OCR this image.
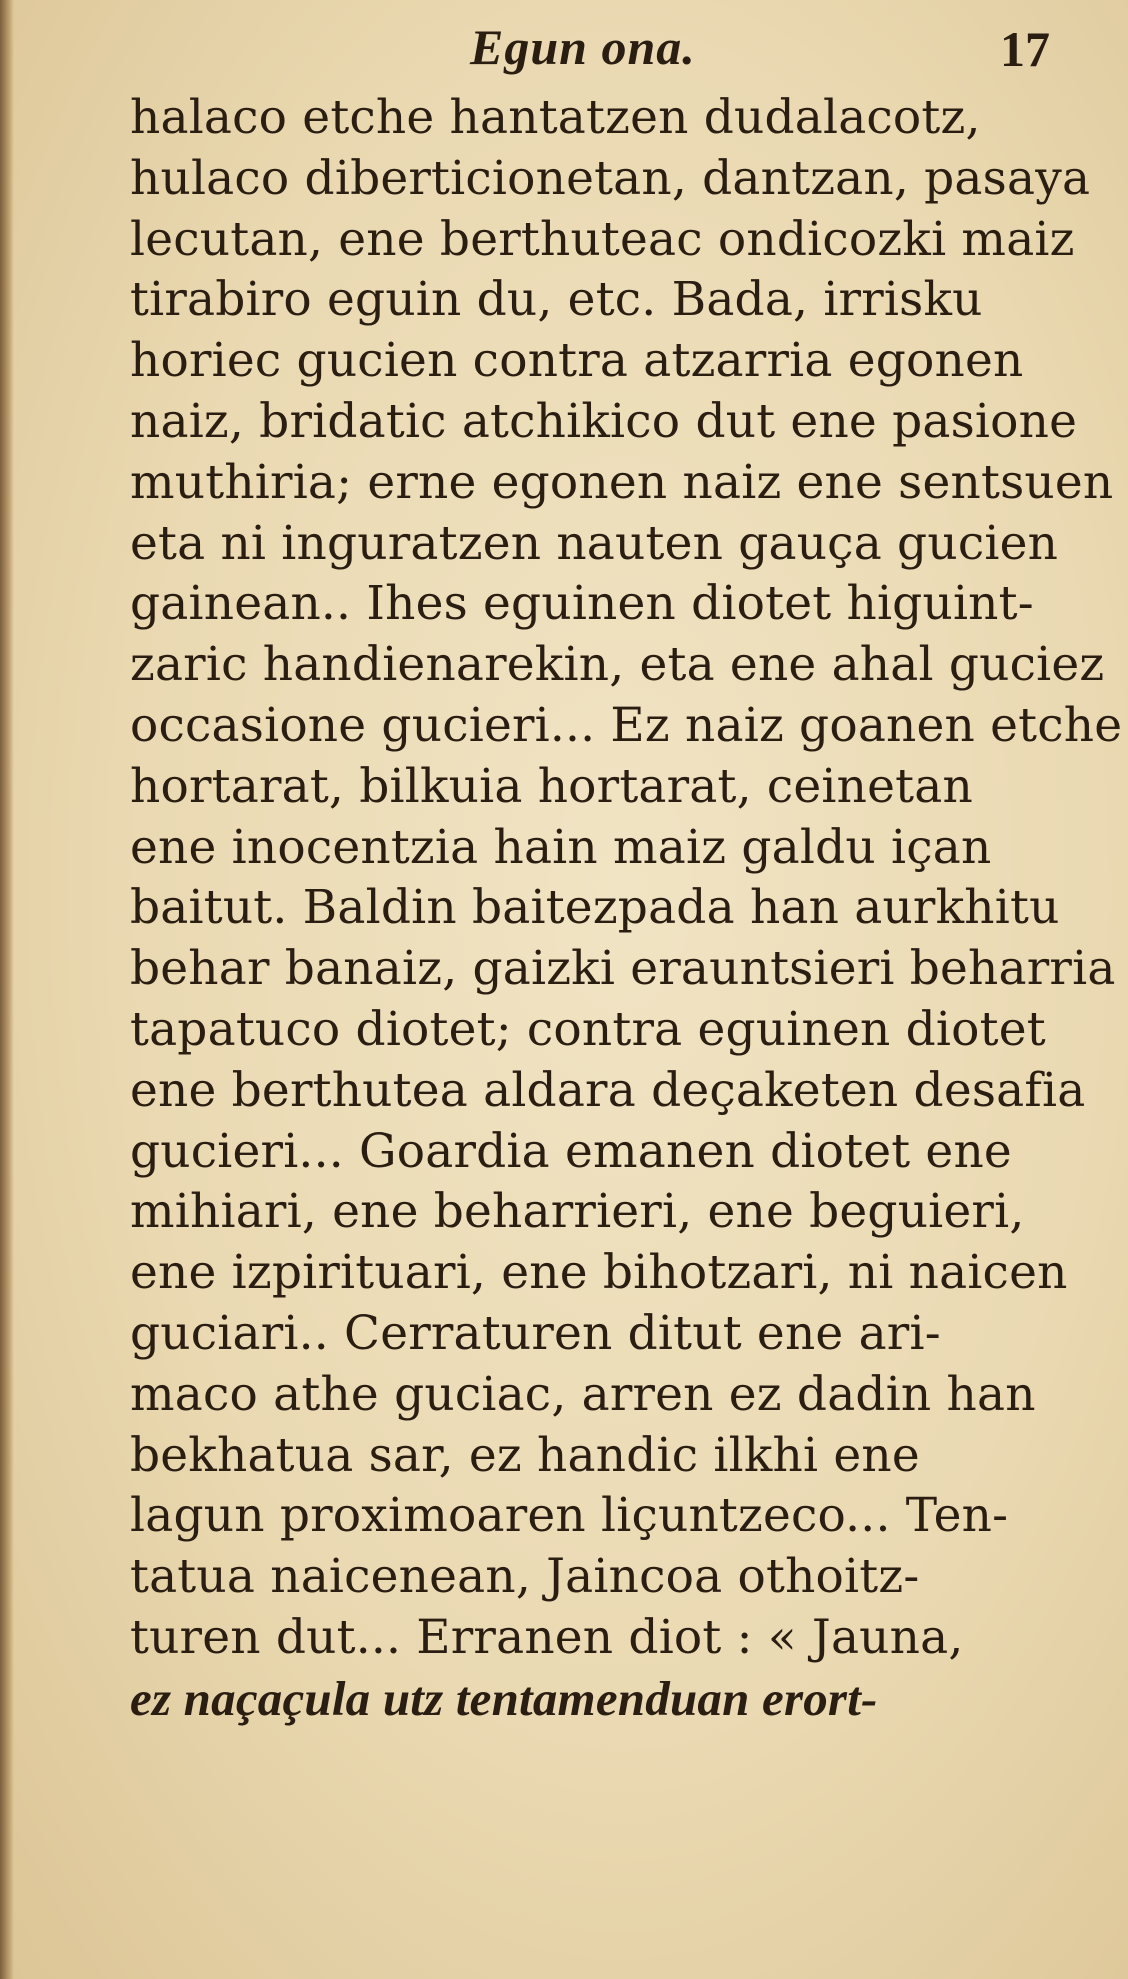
Egun ona.	17
halaco etche hantatzen dudalacotz,
hulaco diberticionetan, dantzan, pasaya
lecutan, ene berthuteac ondicozki maiz
tirabiro eguin du, etc. Bada, irrisku
horiec gucien contra atzarria egonen
naiz, bridatic atchikico dut ene pasione
muthiria; erne egonen naiz ene sentsuen
eta ni inguratzen nauten gauça gucien
gainean.. Ihes eguinen diotet higuint-
zaric handienarekin, eta ene ahal guciez
occasione gucieri... Ez naiz goanen etche
hortarat, bilkuia hortarat, ceinetan
ene inocentzia hain maiz galdu içan
baitut. Baldin baitezpada han aurkhitu
behar banaiz, gaizki erauntsieri beharria
tapatuco diotet; contra eguinen diotet
ene berthutea aldara deçaketen desafia
gucieri... Goardia emanen diotet ene
mihiari, ene beharrieri, ene beguieri,
ene izpirituari, ene bihotzari, ni naicen
guciari.. Cerraturen ditut ene ari-
maco athe guciac, arren ez dadin han
bekhatua sar, ez handic ilkhi ene
lagun proximoaren liçuntzeco... Ten-
tatua naicenean, Jaincoa othoitz-
turen dut... Erranen diot : « Jauna,
ez naçaçula utz tentamenduan erort-
